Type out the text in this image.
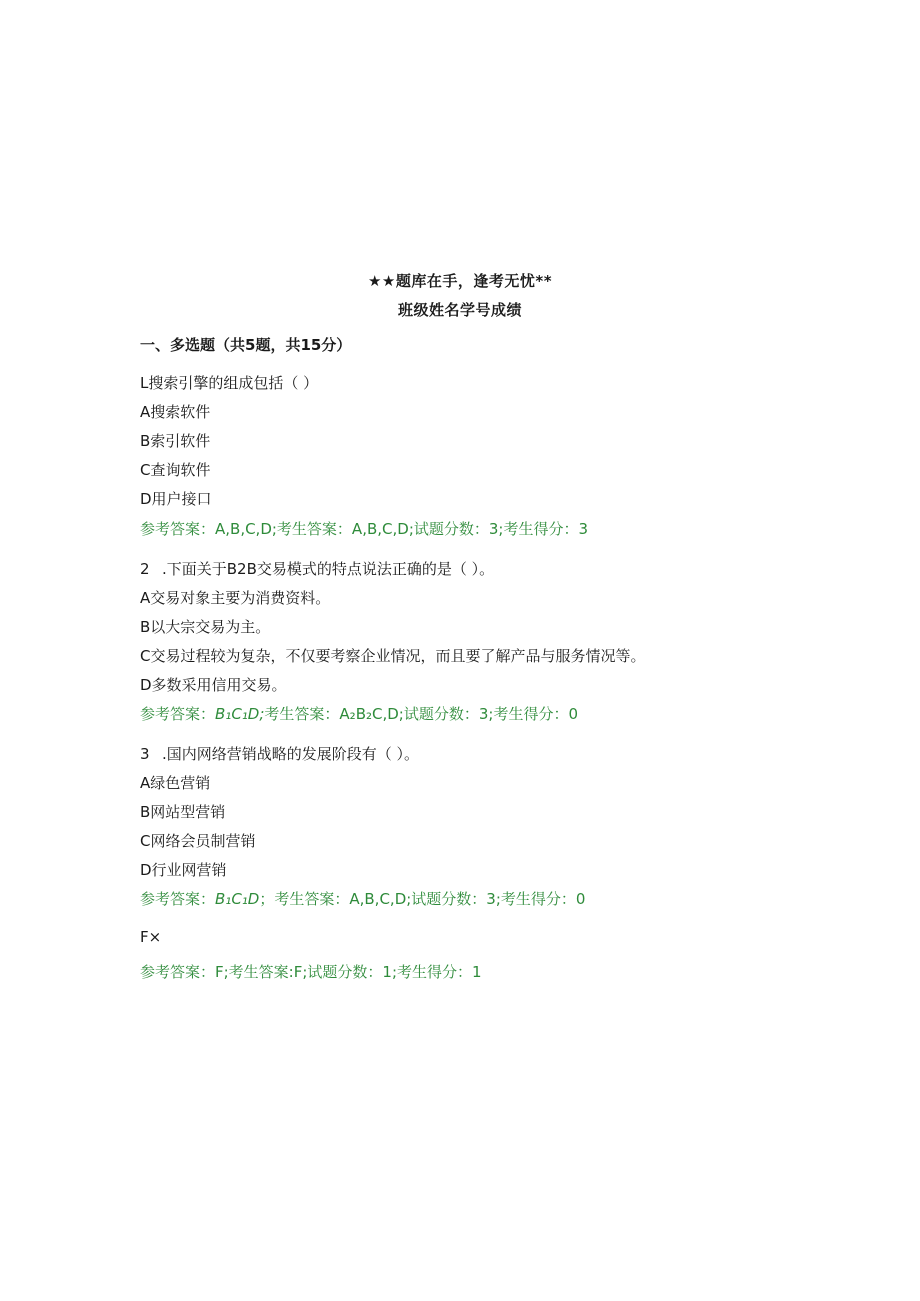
★★题库在手，逢考无忧**
班级姓名学号成绩
一、多选题（共5题，共15分）
L搜索引擎的组成包括（ ）
A搜索软件
B索引软件
C查询软件
D用户接口
参考答案：A,B,C,D;考生答案：A,B,C,D;试题分数：3;考生得分：3
2 .下面关于B2B交易模式的特点说法正确的是（ ）。
A交易对象主要为消费资料。
B以大宗交易为主。
C交易过程较为复杂，不仅要考察企业情况，而且要了解产品与服务情况等。
D多数采用信用交易。
参考答案：B₁C₁D;考生答案：A₂B₂C,D;试题分数：3;考生得分：0
3 .国内网络营销战略的发展阶段有（ ）。
A绿色营销
B网站型营销
C网络会员制营销
D行业网营销
参考答案：B₁C₁D；考生答案：A,B,C,D;试题分数：3;考生得分：0
F×
参考答案：F;考生答案:F;试题分数：1;考生得分：1
